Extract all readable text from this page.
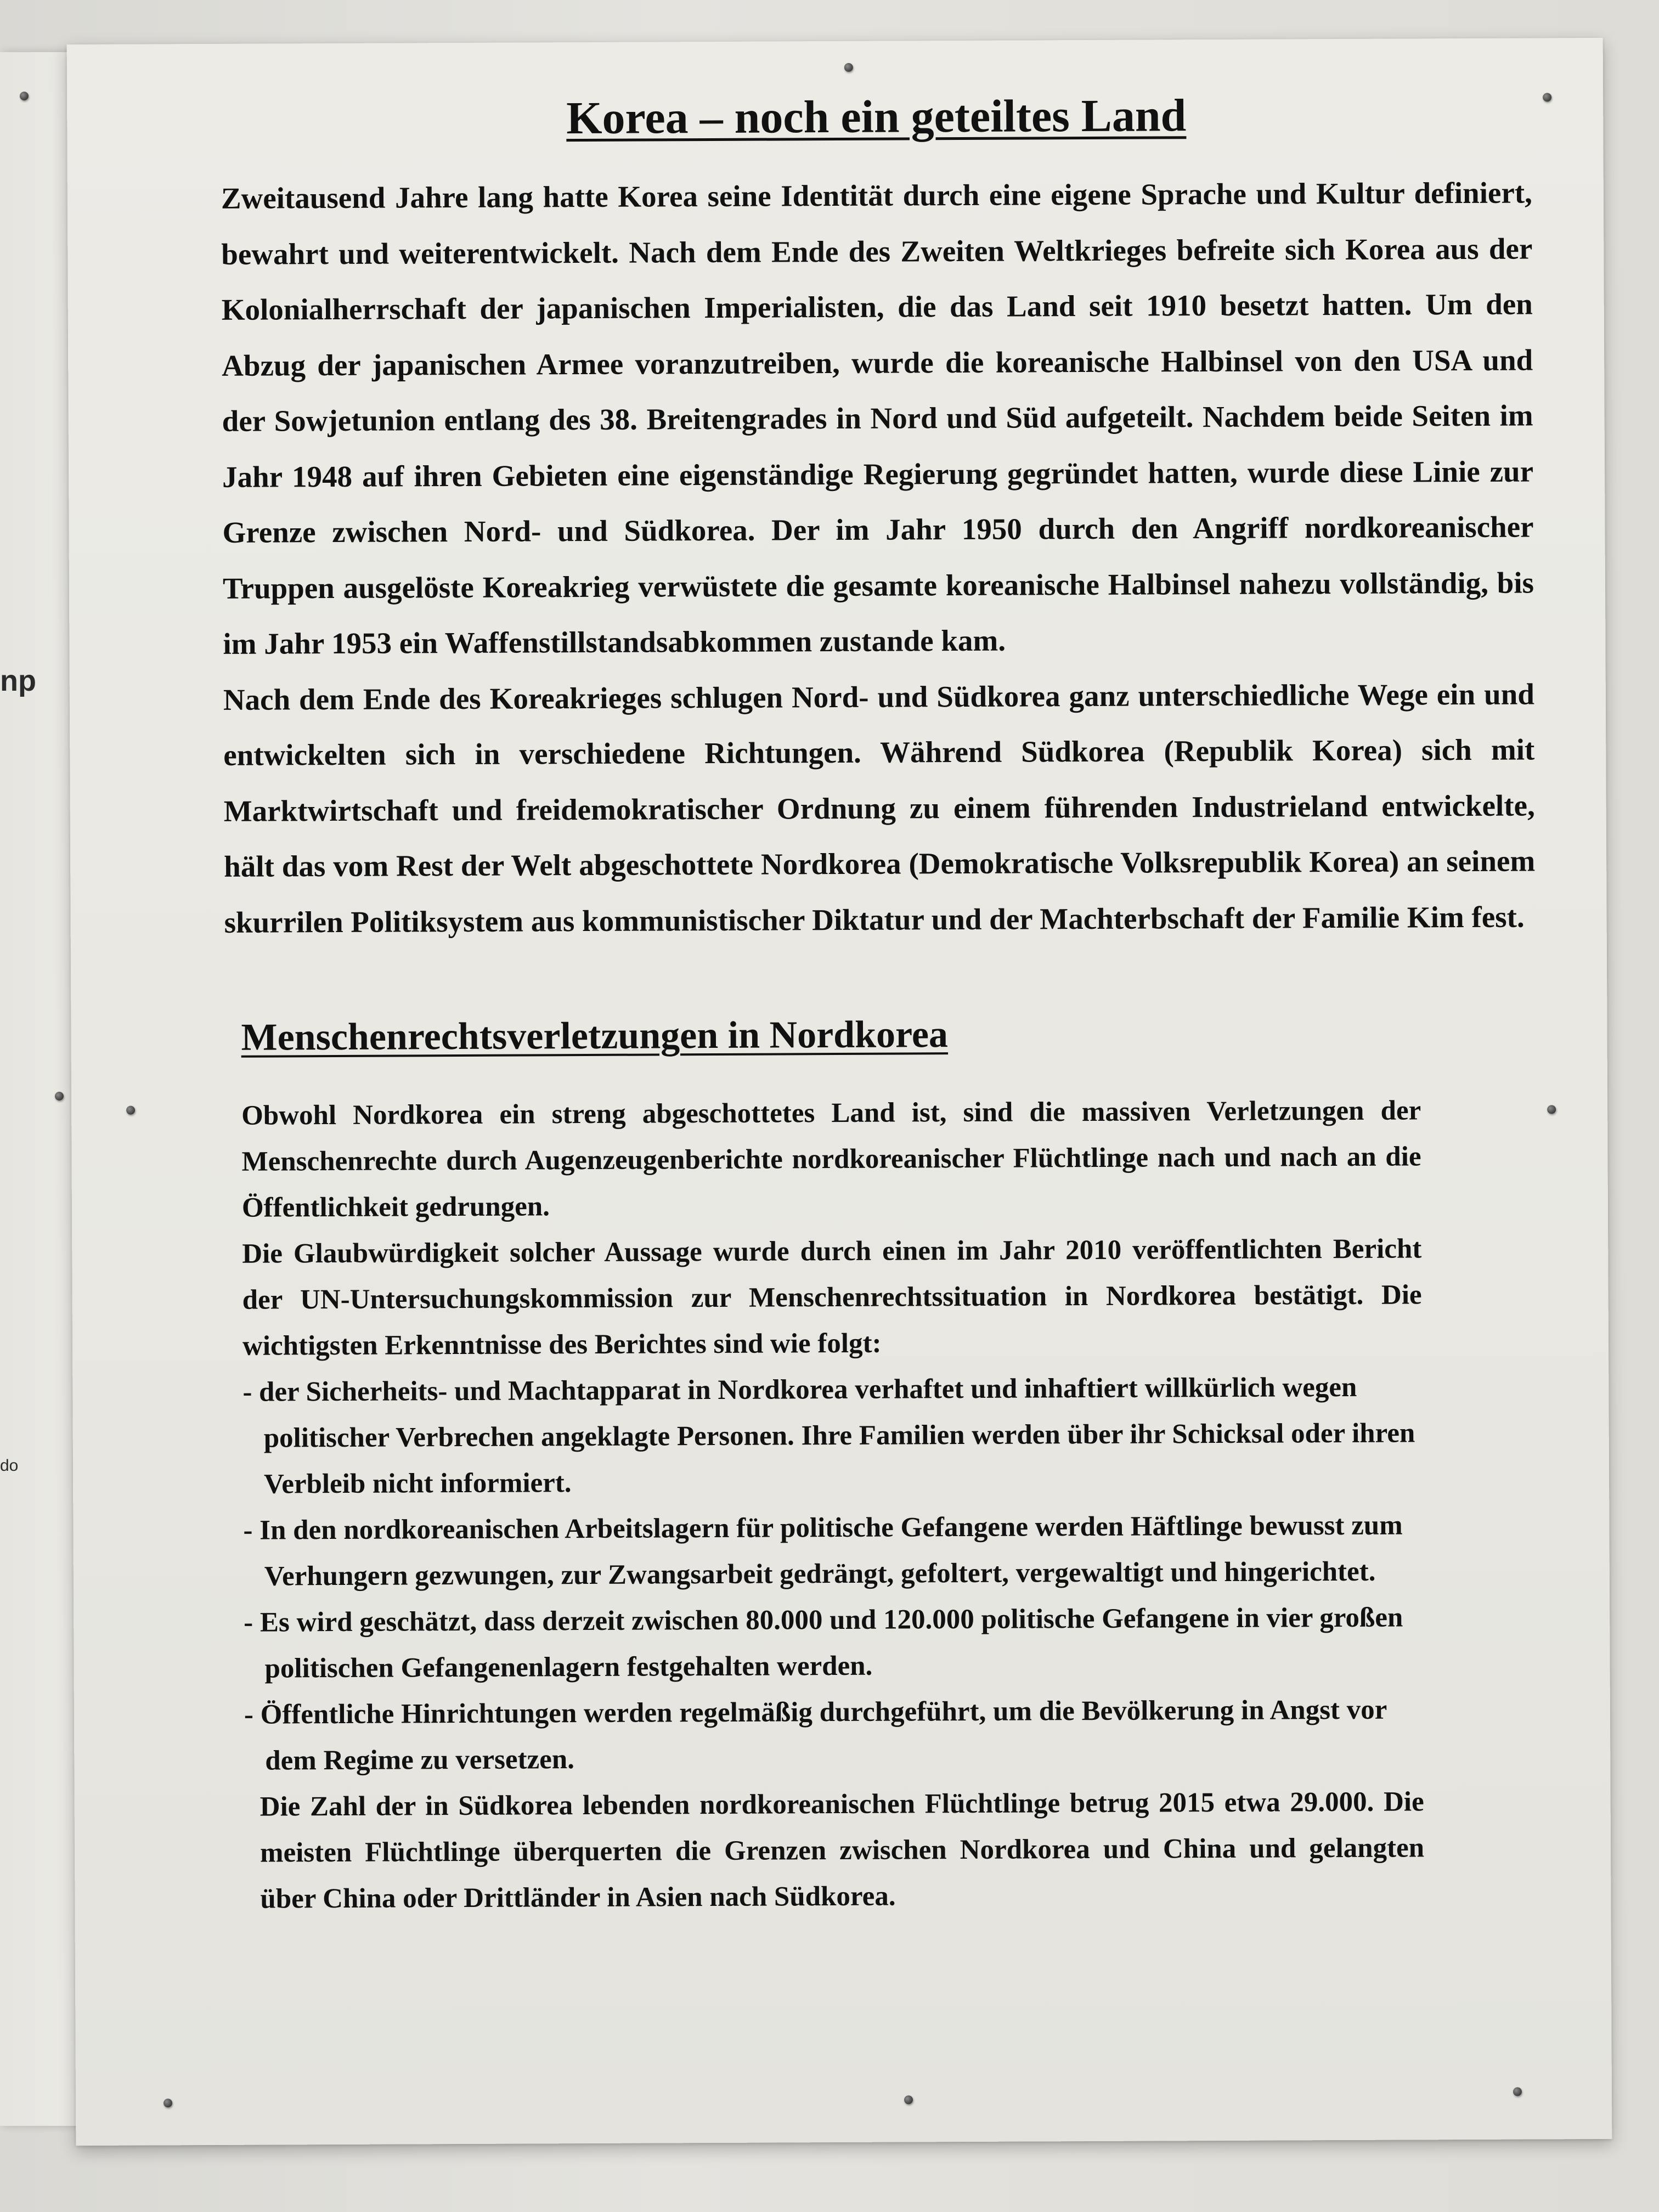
np
do
Korea – noch ein geteiltes Land

Zweitausend Jahre lang hatte Korea seine Identität durch eine eigene Sprache und Kultur definiert, bewahrt und weiterentwickelt. Nach dem Ende des Zweiten Weltkrieges befreite sich Korea aus der Kolonialherrschaft der japanischen Imperialisten, die das Land seit 1910 besetzt hatten. Um den Abzug der japanischen Armee voranzutreiben, wurde die koreanische Halbinsel von den USA und der Sowjetunion entlang des 38. Breitengrades in Nord und Süd aufgeteilt. Nachdem beide Seiten im Jahr 1948 auf ihren Gebieten eine eigenständige Regierung gegründet hatten, wurde diese Linie zur Grenze zwischen Nord- und Südkorea. Der im Jahr 1950 durch den Angriff nordkoreanischer Truppen ausgelöste Koreakrieg verwüstete die gesamte koreanische Halbinsel nahezu vollständig, bis im Jahr 1953 ein Waffenstillstandsabkommen zustande kam.

Nach dem Ende des Koreakrieges schlugen Nord- und Südkorea ganz unterschiedliche Wege ein und entwickelten sich in verschiedene Richtungen. Während Südkorea (Republik Korea) sich mit Marktwirtschaft und freidemokratischer Ordnung zu einem führenden Industrieland entwickelte, hält das vom Rest der Welt abgeschottete Nordkorea (Demokratische Volksrepublik Korea) an seinem skurrilen Politiksystem aus kommunistischer Diktatur und der Machterbschaft der Familie Kim fest.

Menschenrechtsverletzungen in Nordkorea

Obwohl Nordkorea ein streng abgeschottetes Land ist, sind die massiven Verletzungen der Menschenrechte durch Augenzeugenberichte nordkoreanischer Flüchtlinge nach und nach an die Öffentlichkeit gedrungen.

Die Glaubwürdigkeit solcher Aussage wurde durch einen im Jahr 2010 veröffentlichten Bericht der UN-Untersuchungskommission zur Menschenrechtssituation in Nordkorea bestätigt. Die wichtigsten Erkenntnisse des Berichtes sind wie folgt:

- der Sicherheits- und Machtapparat in Nordkorea verhaftet und inhaftiert willkürlich wegen politischer Verbrechen angeklagte Personen. Ihre Familien werden über ihr Schicksal oder ihren Verbleib nicht informiert.
- In den nordkoreanischen Arbeitslagern für politische Gefangene werden Häftlinge bewusst zum Verhungern gezwungen, zur Zwangsarbeit gedrängt, gefoltert, vergewaltigt und hingerichtet.
- Es wird geschätzt, dass derzeit zwischen 80.000 und 120.000 politische Gefangene in vier großen politischen Gefangenenlagern festgehalten werden.
- Öffentliche Hinrichtungen werden regelmäßig durchgeführt, um die Bevölkerung in Angst vor dem Regime zu versetzen.

Die Zahl der in Südkorea lebenden nordkoreanischen Flüchtlinge betrug 2015 etwa 29.000. Die meisten Flüchtlinge überquerten die Grenzen zwischen Nordkorea und China und gelangten über China oder Drittländer in Asien nach Südkorea.
